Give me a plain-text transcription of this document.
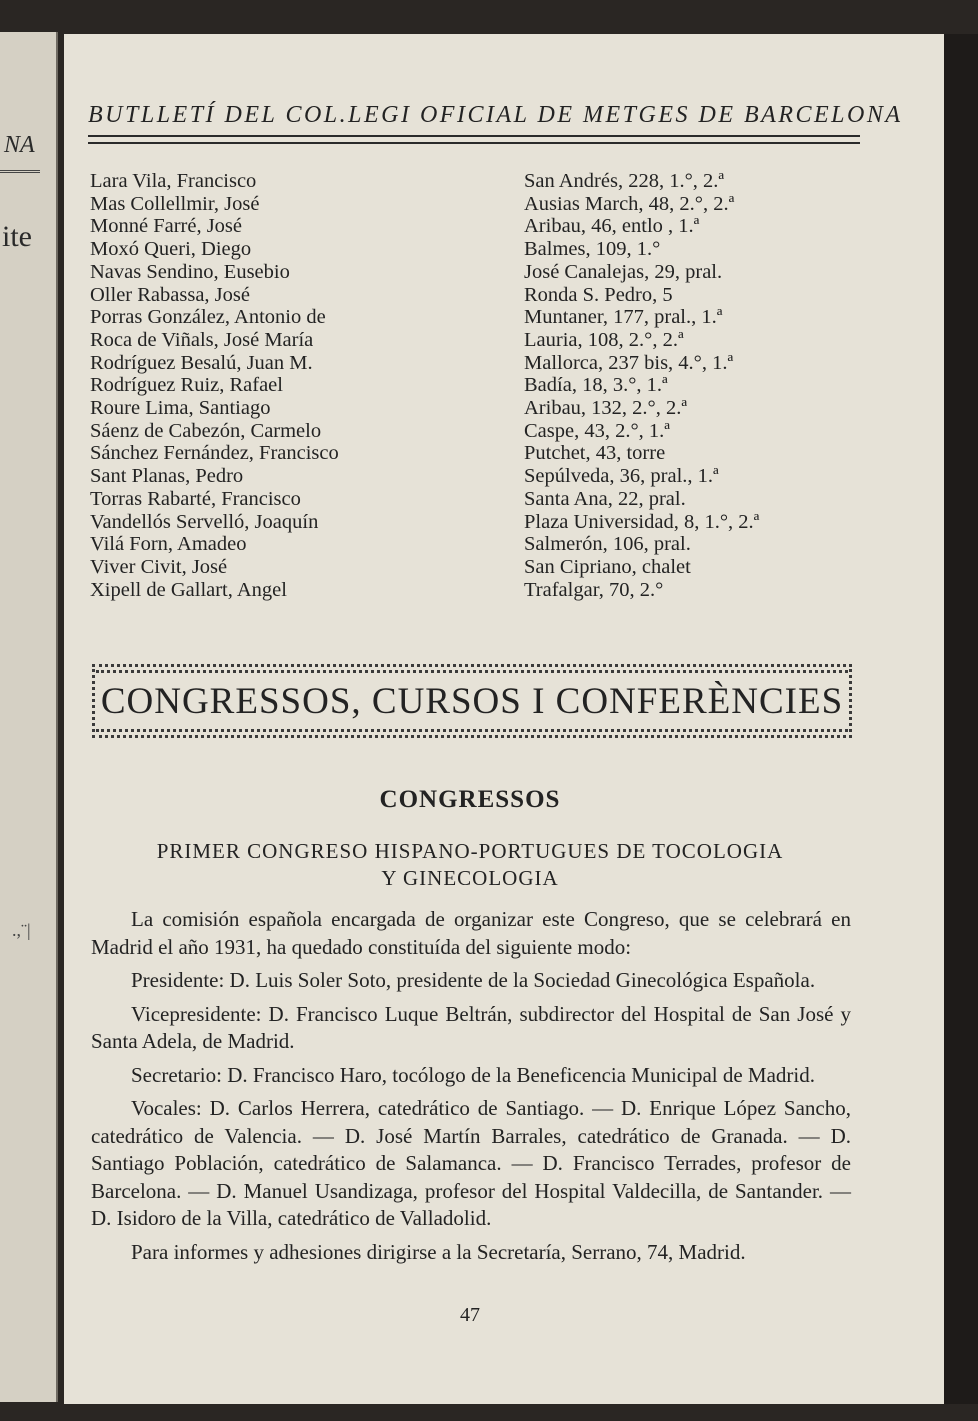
NA
ite
.,¨|
BUTLLETÍ DEL COL.LEGI OFICIAL DE METGES DE BARCELONA
Lara Vila, Francisco
Mas Collellmir, José
Monné Farré, José
Moxó Queri, Diego
Navas Sendino, Eusebio
Oller Rabassa, José
Porras González, Antonio de
Roca de Viñals, José María
Rodríguez Besalú, Juan M.
Rodríguez Ruiz, Rafael
Roure Lima, Santiago
Sáenz de Cabezón, Carmelo
Sánchez Fernández, Francisco
Sant Planas, Pedro
Torras Rabarté, Francisco
Vandellós Servelló, Joaquín
Vilá Forn, Amadeo
Viver Civit, José
Xipell de Gallart, Angel
San Andrés, 228, 1.°, 2.ª
Ausias March, 48, 2.°, 2.ª
Aribau, 46, entlo , 1.ª
Balmes, 109, 1.°
José Canalejas, 29, pral.
Ronda S. Pedro, 5
Muntaner, 177, pral., 1.ª
Lauria, 108, 2.°, 2.ª
Mallorca, 237 bis, 4.°, 1.ª
Badía, 18, 3.°, 1.ª
Aribau, 132, 2.°, 2.ª
Caspe, 43, 2.°, 1.ª
Putchet, 43, torre
Sepúlveda, 36, pral., 1.ª
Santa Ana, 22, pral.
Plaza Universidad, 8, 1.°, 2.ª
Salmerón, 106, pral.
San Cipriano, chalet
Trafalgar, 70, 2.°
CONGRESSOS, CURSOS I CONFERÈNCIES
CONGRESSOS
PRIMER CONGRESO HISPANO-PORTUGUES DE TOCOLOGIA
Y GINECOLOGIA

La comisión española encargada de organizar este Congreso, que se celebrará en Madrid el año 1931, ha quedado constituída del siguiente modo:

Presidente: D. Luis Soler Soto, presidente de la Sociedad Ginecológica Española.

Vicepresidente: D. Francisco Luque Beltrán, subdirector del Hospital de San José y Santa Adela, de Madrid.

Secretario: D. Francisco Haro, tocólogo de la Beneficencia Municipal de Madrid.

Vocales: D. Carlos Herrera, catedrático de Santiago. — D. Enrique López Sancho, catedrático de Valencia. — D. José Martín Barrales, catedrático de Granada. — D. Santiago Población, catedrático de Salamanca. — D. Francisco Terrades, profesor de Barcelona. — D. Manuel Usandizaga, profesor del Hospital Valdecilla, de Santander. — D. Isidoro de la Villa, catedrático de Valladolid.

Para informes y adhesiones dirigirse a la Secretaría, Serrano, 74, Madrid.

47
